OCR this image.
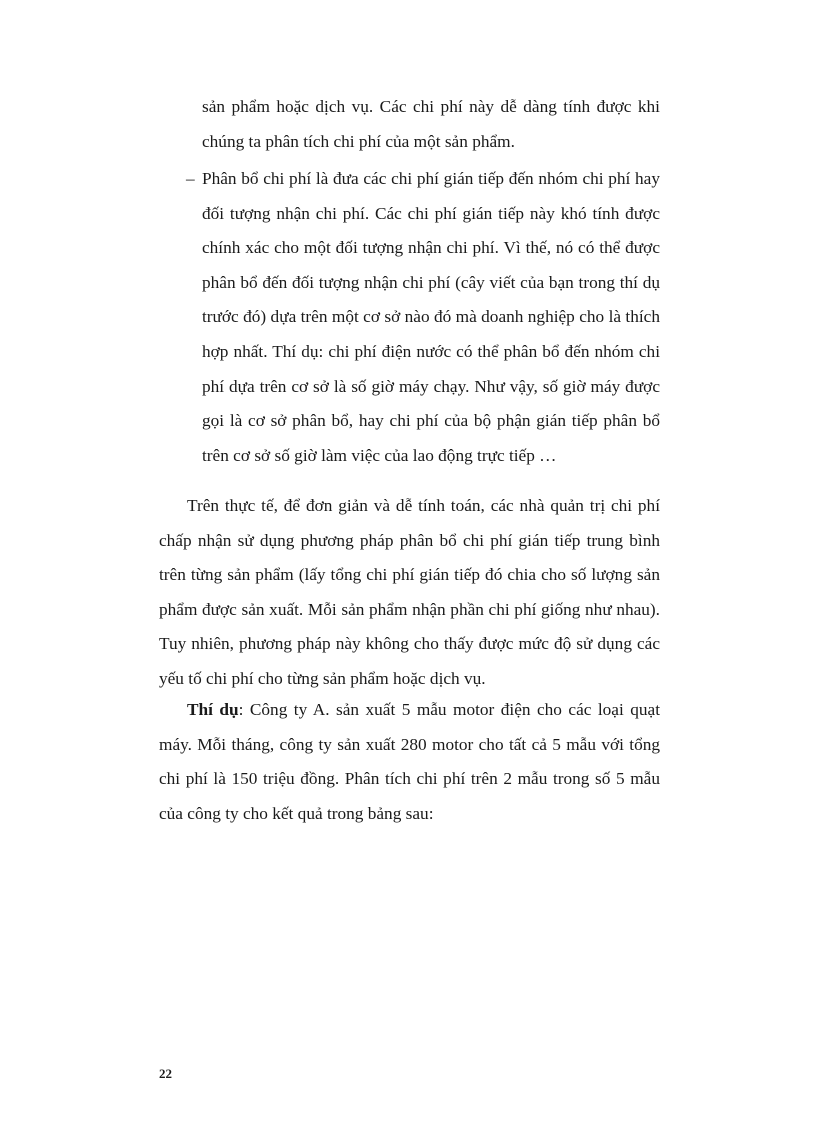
sản phẩm hoặc dịch vụ. Các chi phí này dễ dàng tính được khi chúng ta phân tích chi phí của một sản phẩm.
– Phân bổ chi phí là đưa các chi phí gián tiếp đến nhóm chi phí hay đối tượng nhận chi phí. Các chi phí gián tiếp này khó tính được chính xác cho một đối tượng nhận chi phí. Vì thế, nó có thể được phân bổ đến đối tượng nhận chi phí (cây viết của bạn trong thí dụ trước đó) dựa trên một cơ sở nào đó mà doanh nghiệp cho là thích hợp nhất. Thí dụ: chi phí điện nước có thể phân bổ đến nhóm chi phí dựa trên cơ sở là số giờ máy chạy. Như vậy, số giờ máy được gọi là cơ sở phân bổ, hay chi phí của bộ phận gián tiếp phân bổ trên cơ sở số giờ làm việc của lao động trực tiếp …
Trên thực tế, để đơn giản và dễ tính toán, các nhà quản trị chi phí chấp nhận sử dụng phương pháp phân bổ chi phí gián tiếp trung bình trên từng sản phẩm (lấy tổng chi phí gián tiếp đó chia cho số lượng sản phẩm được sản xuất. Mỗi sản phẩm nhận phần chi phí giống như nhau). Tuy nhiên, phương pháp này không cho thấy được mức độ sử dụng các yếu tố chi phí cho từng sản phẩm hoặc dịch vụ.
Thí dụ: Công ty A. sản xuất 5 mẫu motor điện cho các loại quạt máy. Mỗi tháng, công ty sản xuất 280 motor cho tất cả 5 mẫu với tổng chi phí là 150 triệu đồng. Phân tích chi phí trên 2 mẫu trong số 5 mẫu của công ty cho kết quả trong bảng sau:
22
